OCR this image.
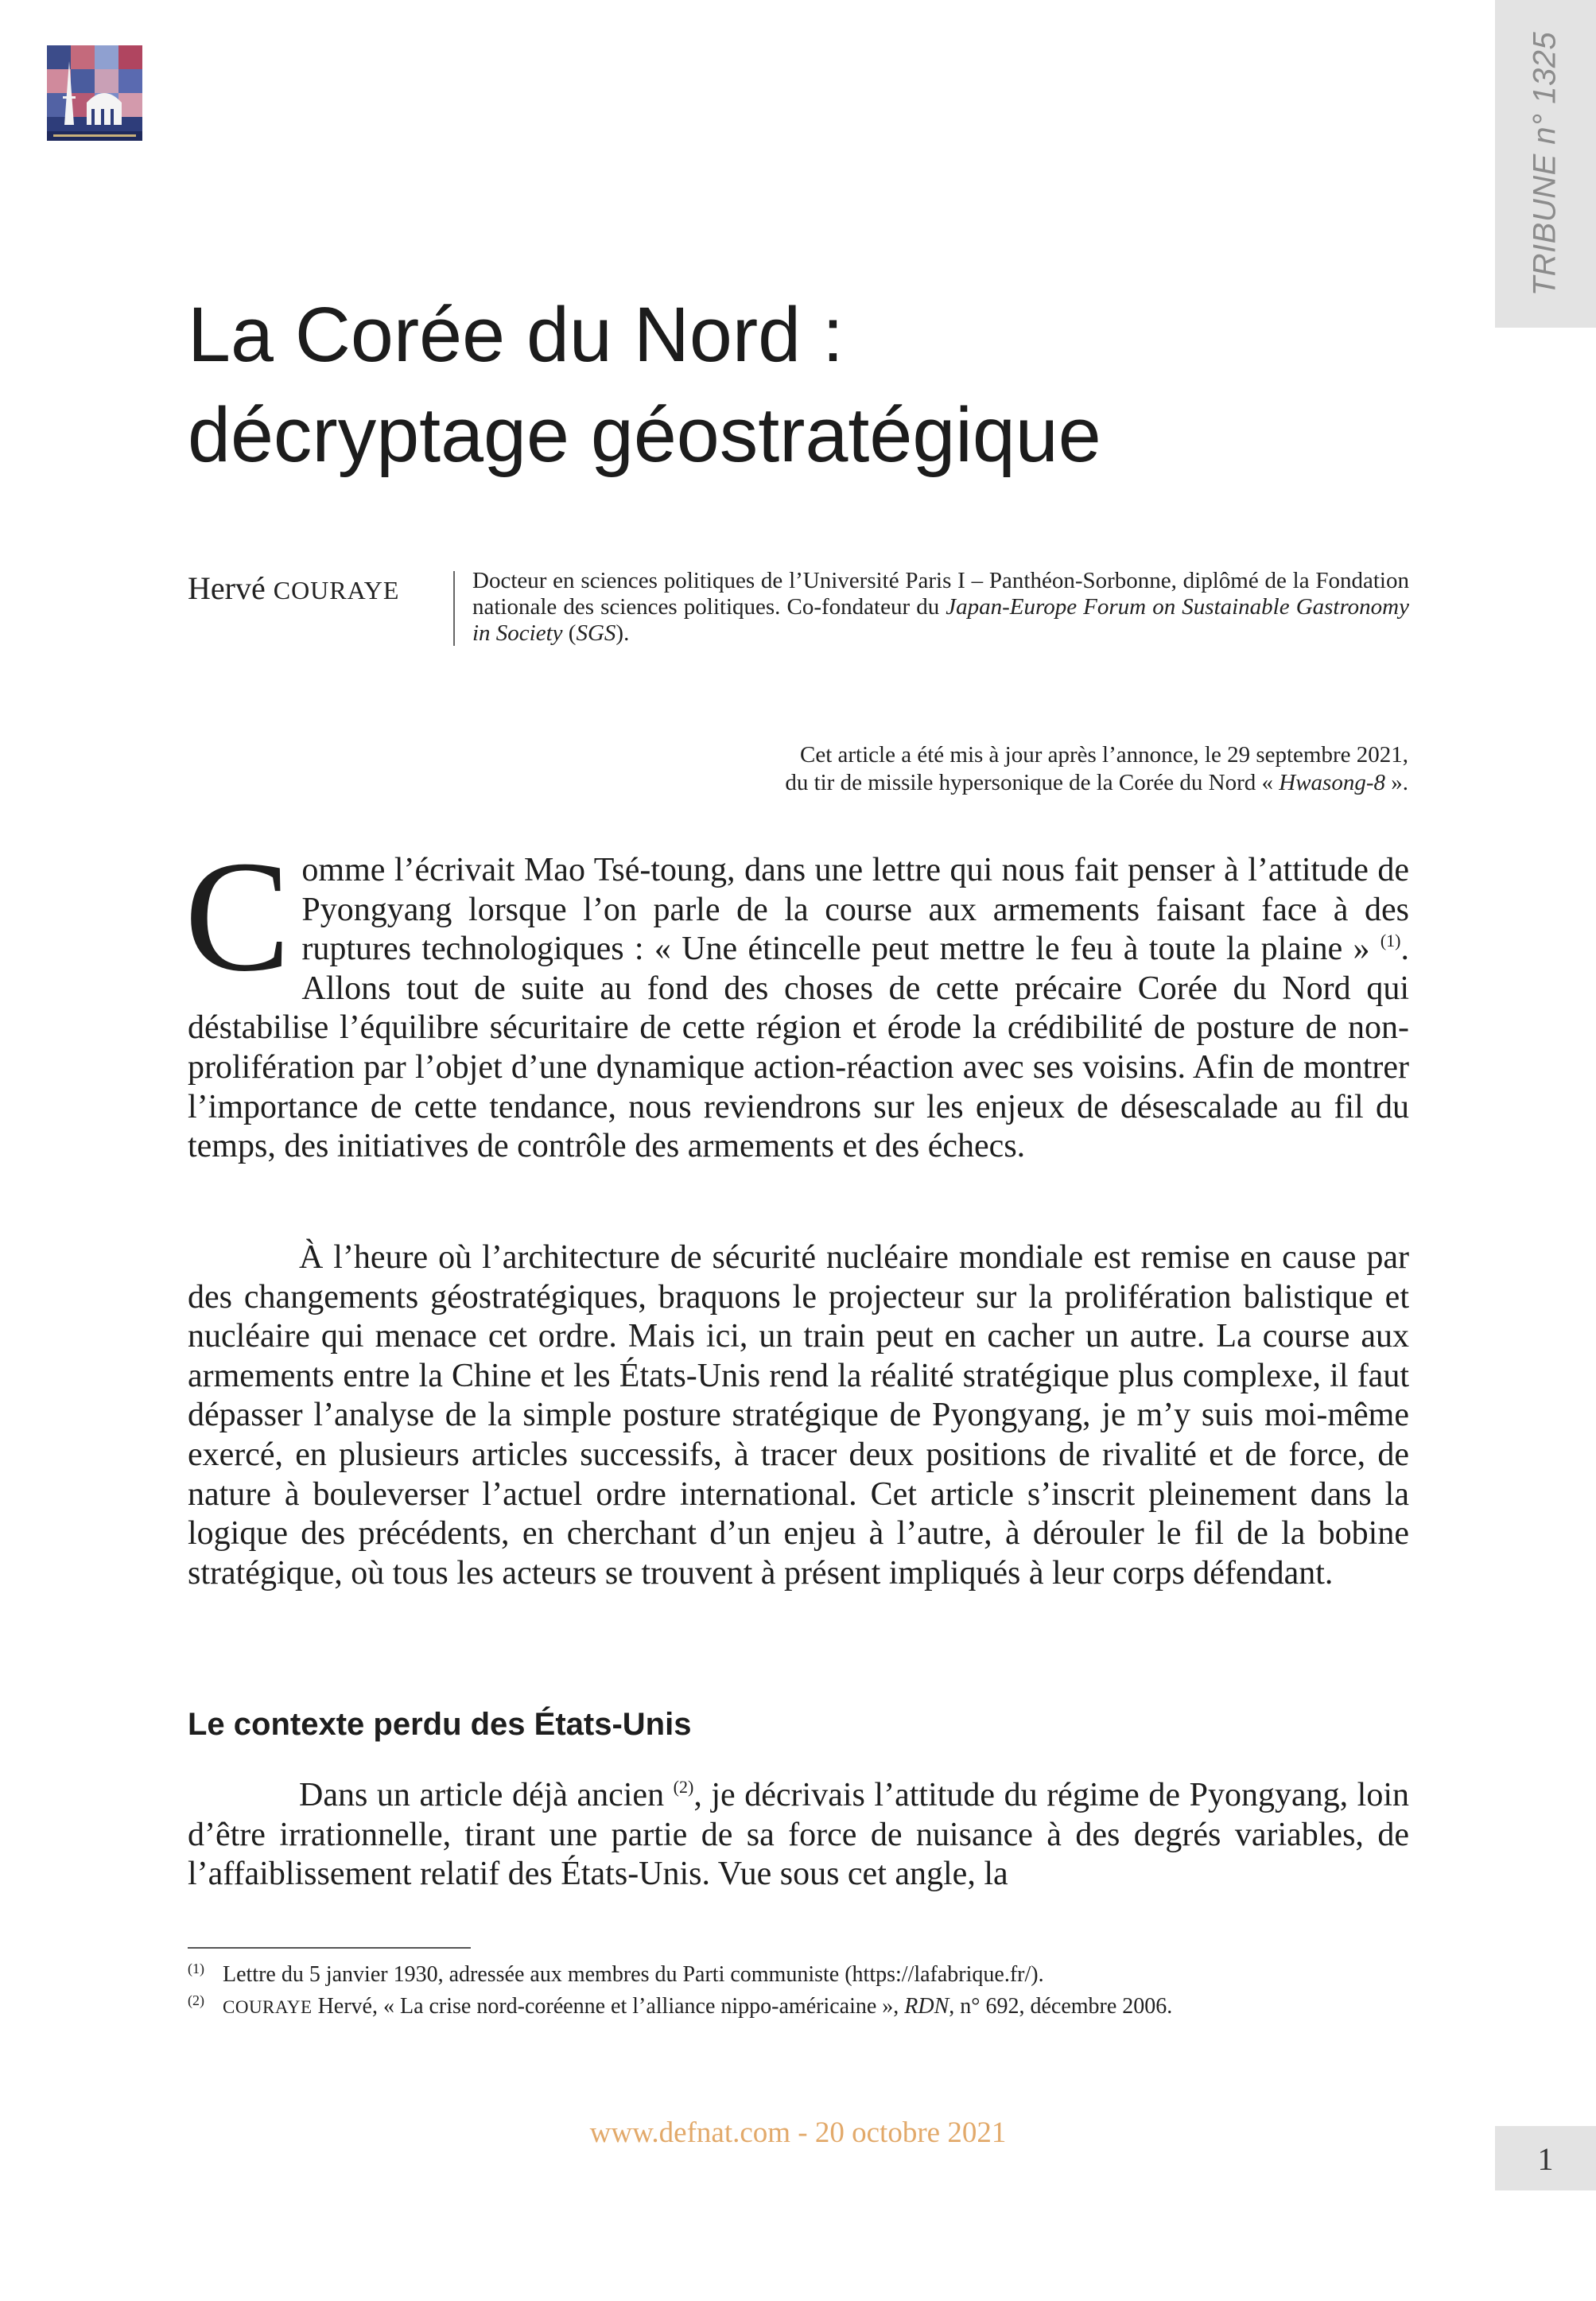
TRIBUNE n° 1325
La Corée du Nord :
décryptage géostratégique
Hervé COURAYE	Docteur en sciences politiques de l’Université Paris I – Panthéon-Sorbonne, diplômé de la Fondation nationale des sciences politiques. Co-fondateur du Japan-Europe Forum on Sustainable Gastronomy in Society (SGS).
Cet article a été mis à jour après l’annonce, le 29 septembre 2021,
du tir de missile hypersonique de la Corée du Nord « Hwasong-8 ».

Comme l’écrivait Mao Tsé-toung, dans une lettre qui nous fait penser à l’attitude de Pyongyang lorsque l’on parle de la course aux armements faisant face à des ruptures technologiques : « Une étincelle peut mettre le feu à toute la plaine » $^{(1)}$. Allons tout de suite au fond des choses de cette précaire Corée du Nord qui déstabilise l’équilibre sécuritaire de cette région et érode la crédibilité de posture de non-prolifération par l’objet d’une dynamique action-réaction avec ses voisins. Afin de montrer l’importance de cette tendance, nous reviendrons sur les enjeux de désescalade au fil du temps, des initiatives de contrôle des armements et des échecs.

À l’heure où l’architecture de sécurité nucléaire mondiale est remise en cause par des changements géostratégiques, braquons le projecteur sur la prolifération balistique et nucléaire qui menace cet ordre. Mais ici, un train peut en cacher un autre. La course aux armements entre la Chine et les États-Unis rend la réalité stratégique plus complexe, il faut dépasser l’analyse de la simple posture stratégique de Pyongyang, je m’y suis moi-même exercé, en plusieurs articles successifs, à tracer deux positions de rivalité et de force, de nature à bouleverser l’actuel ordre international. Cet article s’inscrit pleinement dans la logique des précédents, en cherchant d’un enjeu à l’autre, à dérouler le fil de la bobine stratégique, où tous les acteurs se trouvent à présent impliqués à leur corps défendant.

Le contexte perdu des États-Unis

Dans un article déjà ancien $^{(2)}$, je décrivais l’attitude du régime de Pyongyang, loin d’être irrationnelle, tirant une partie de sa force de nuisance à des degrés variables, de l’affaiblissement relatif des États-Unis. Vue sous cet angle, la

(1) Lettre du 5 janvier 1930, adressée aux membres du Parti communiste (https://lafabrique.fr/).
(2) COURAYE Hervé, « La crise nord-coréenne et l’alliance nippo-américaine », RDN, n° 692, décembre 2006.
www.defnat.com - 20 octobre 2021
1
